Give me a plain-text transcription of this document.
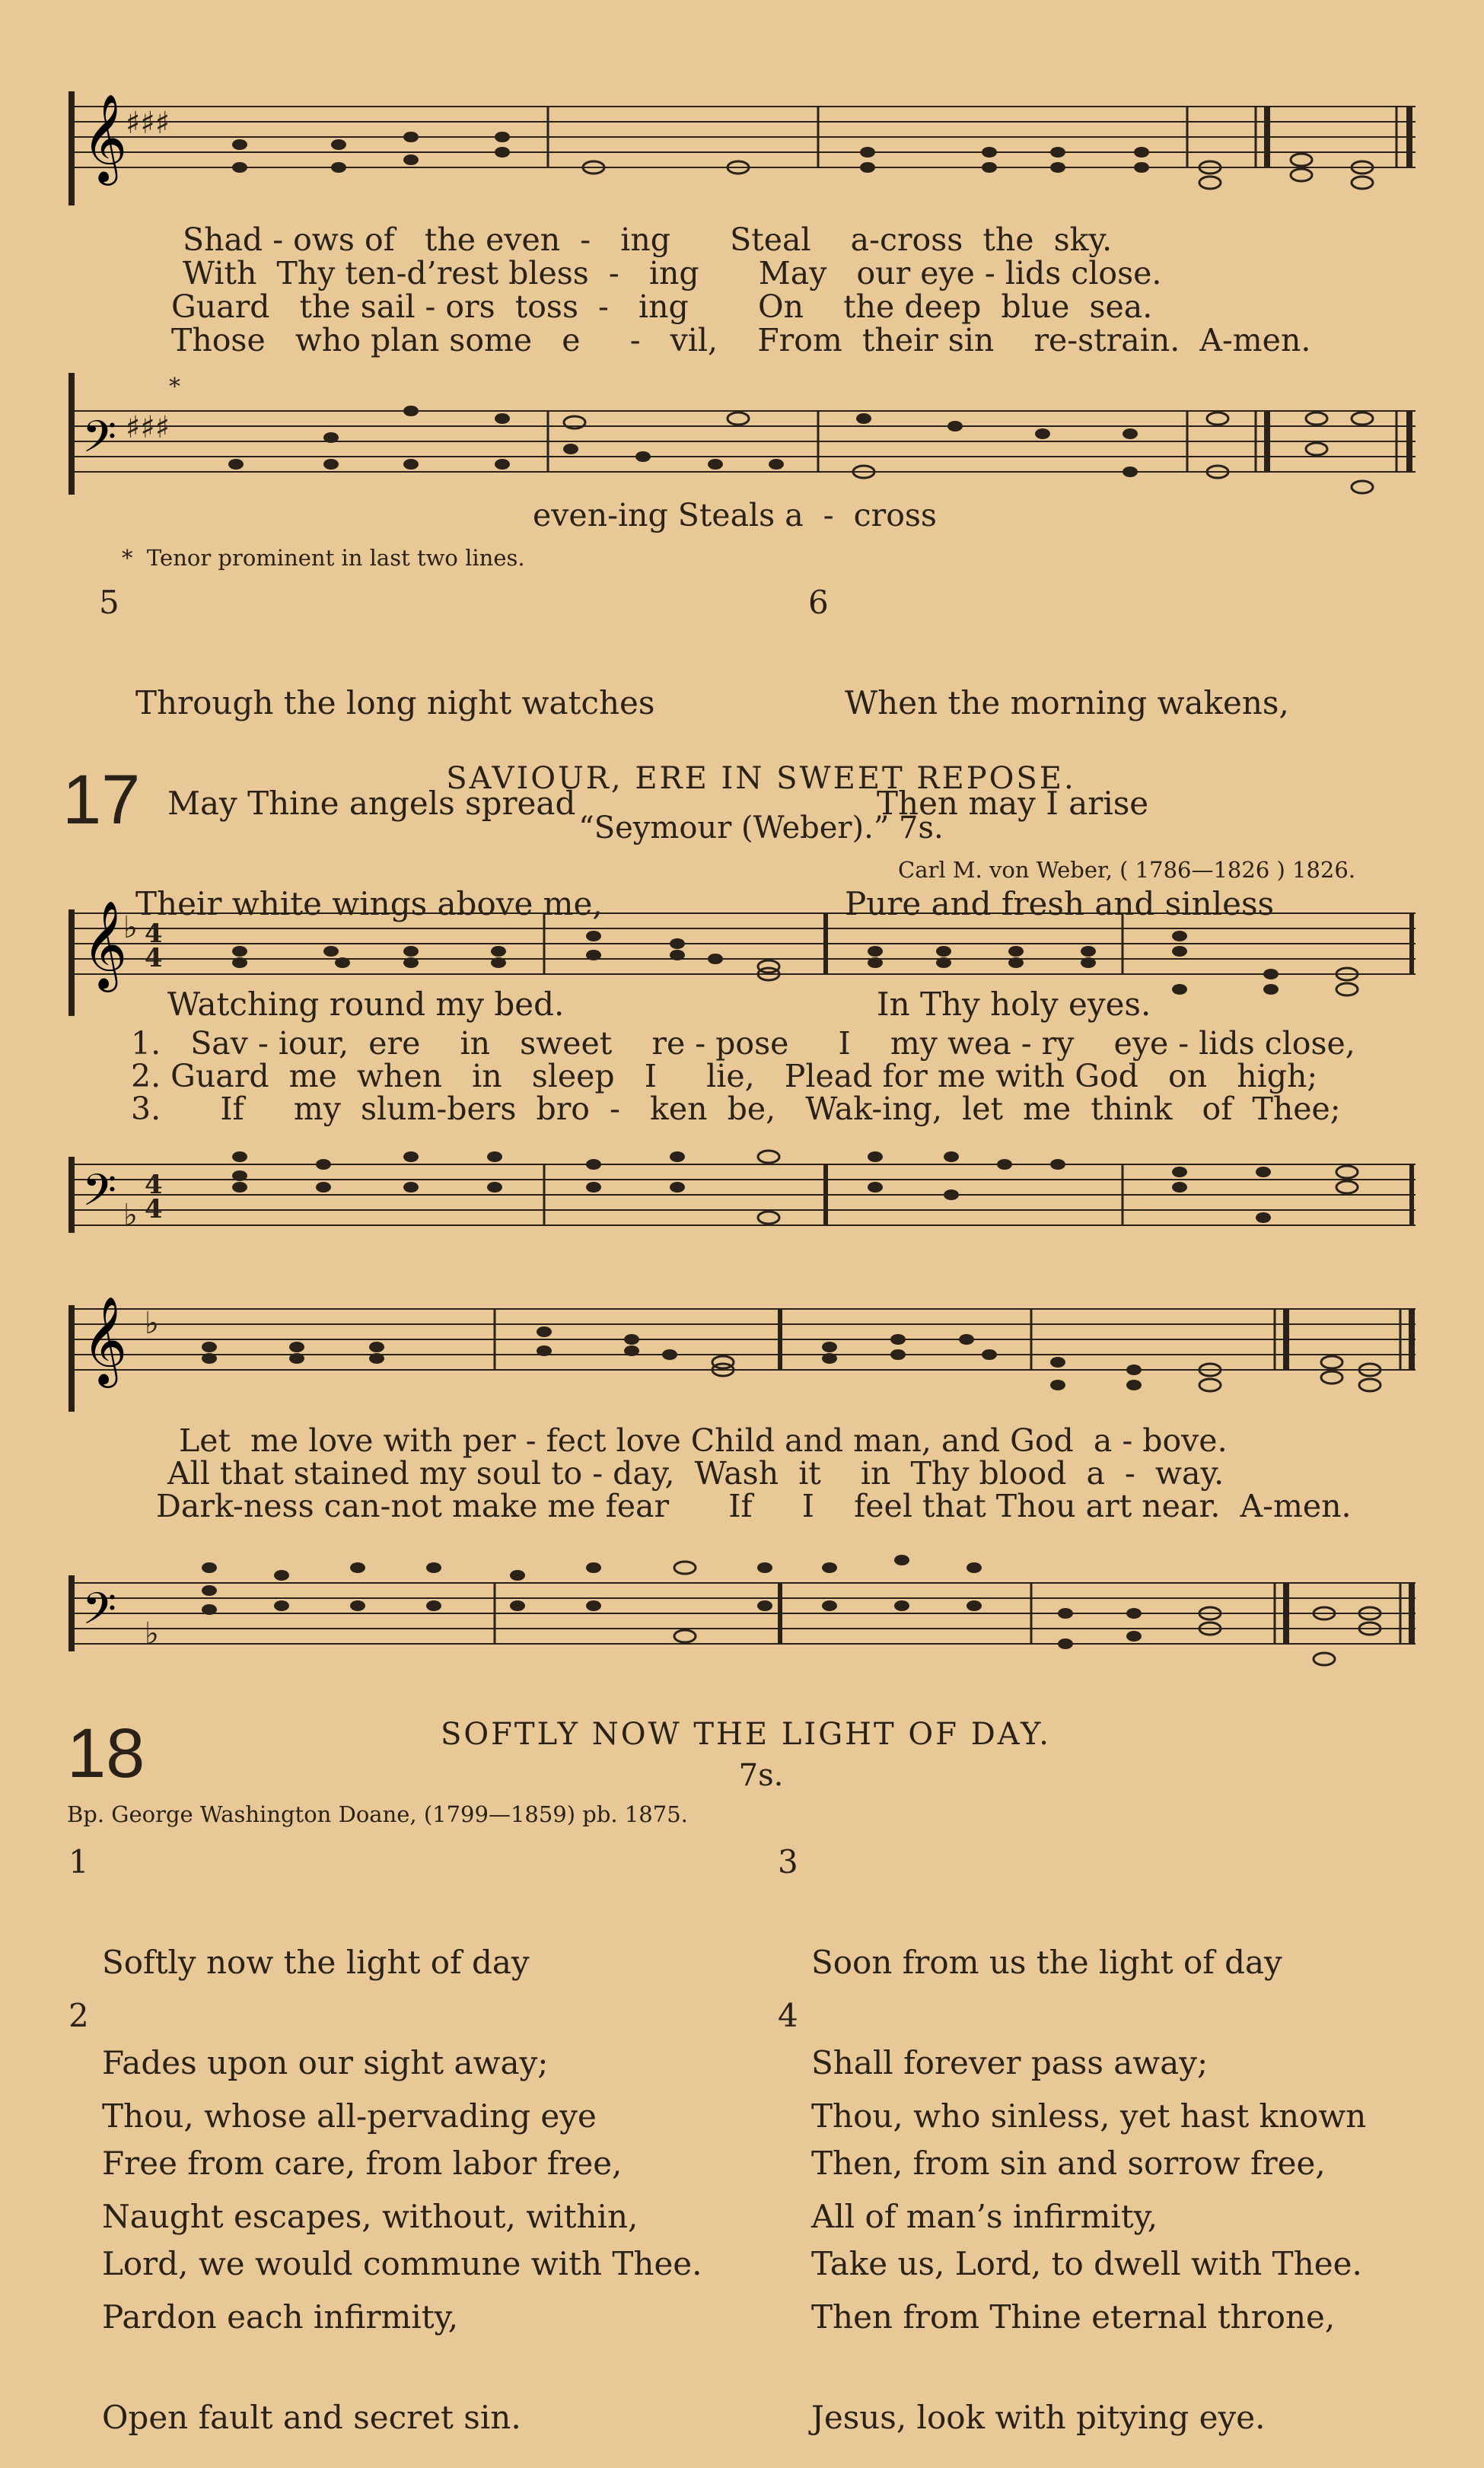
𝄞
♯♯♯
Shad - ows of   the even  -   ing      Steal    a-cross  the  sky.
With  Thy ten-d’rest bless  -   ing      May   our eye - lids close.
Guard   the sail - ors  toss  -   ing       On    the deep  blue  sea.
Those   who plan some   e     -   vil,    From  their sin    re-strain.  A-men.
𝄢 ♯♯♯
*
even-ing Steals a  -  cross
*  Tenor prominent in last two lines.

5

Through the long night watches

May Thine angels spread

Their white wings above me,

Watching round my bed.

6

When the morning wakens,

Then may I arise

Pure and fresh and sinless

In Thy holy eyes.

17	SAVIOUR, ERE IN SWEET REPOSE.
“Seymour (Weber).” 7s.
Carl M. von Weber, ( 1786—1826 ) 1826.
𝄞
♭ 4
4
1.   Sav - iour,  ere    in   sweet    re - pose     I    my wea - ry    eye - lids close,
2. Guard  me  when   in   sleep   I     lie,   Plead for me with God   on   high;
3.      If     my  slum-bers  bro  -   ken  be,   Wak-ing,  let  me  think   of  Thee;
𝄢 ♭
4
4
𝄞 ♭
Let  me love with per - fect love Child and man, and God  a - bove.
All that stained my soul to - day,  Wash  it    in  Thy blood  a  -  way.
Dark-ness can-not make me fear      If     I    feel that Thou art near.  A-men.
𝄢 ♭
18	SOFTLY NOW THE LIGHT OF DAY.
7s.
Bp. George Washington Doane, (1799—1859) pb. 1875.

1

Softly now the light of day

Fades upon our sight away;

Free from care, from labor free,

Lord, we would commune with Thee.

2

Thou, whose all-pervading eye

Naught escapes, without, within,

Pardon each infirmity,

Open fault and secret sin.

3

Soon from us the light of day

Shall forever pass away;

Then, from sin and sorrow free,

Take us, Lord, to dwell with Thee.

4

Thou, who sinless, yet hast known

All of man’s infirmity,

Then from Thine eternal throne,

Jesus, look with pitying eye.
